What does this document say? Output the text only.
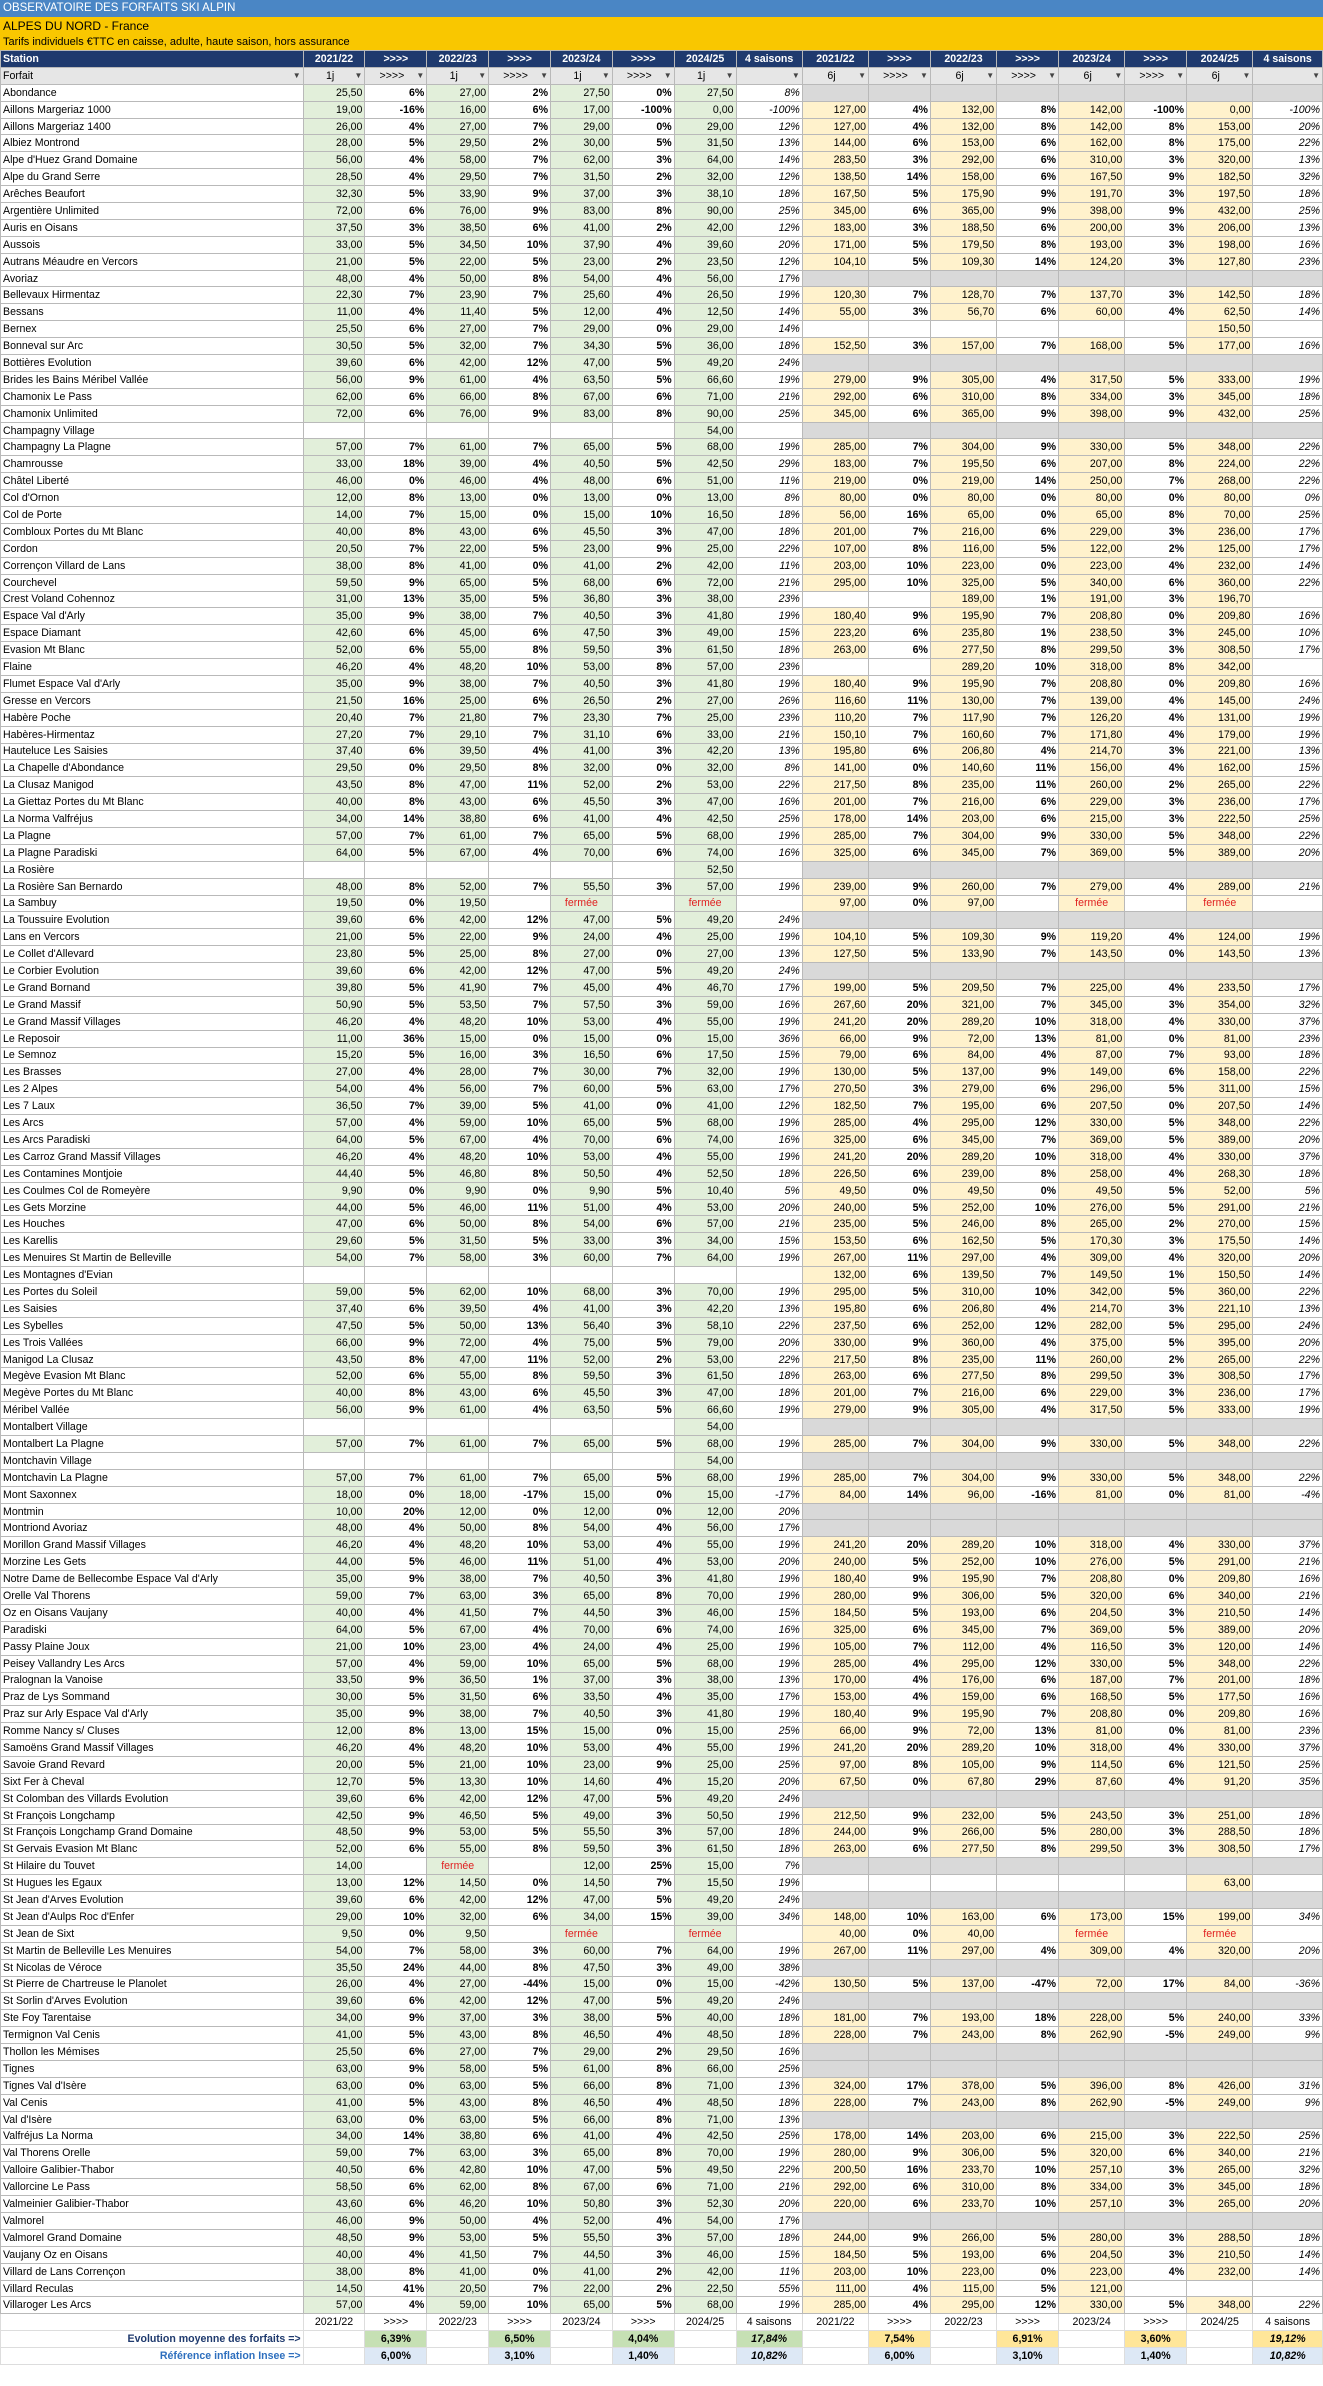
OBSERVATOIRE DES FORFAITS SKI ALPIN
ALPES DU NORD - France
Tarifs individuels €TTC en caisse, adulte, haute saison, hors assurance
Station	2021/22	>>>>	2022/23	>>>>	2023/24	>>>>	2024/25	4 saisons	2021/22	>>>>	2022/23	>>>>	2023/24	>>>>	2024/25	4 saisons
Forfait ▼	1j ▼	>>>> ▼	1j ▼	>>>> ▼	1j ▼	>>>> ▼	1j ▼	▼	6j ▼	>>>> ▼	6j ▼	>>>> ▼	6j ▼	>>>> ▼	6j ▼	▼

Abondance	25,50	6%	27,00	2%	27,50	0%	27,50	8%								
Aillons Margeriaz 1000	19,00	-16%	16,00	6%	17,00	-100%	0,00	-100%	127,00	4%	132,00	8%	142,00	-100%	0,00	-100%
Aillons Margeriaz 1400	26,00	4%	27,00	7%	29,00	0%	29,00	12%	127,00	4%	132,00	8%	142,00	8%	153,00	20%
Albiez Montrond	28,00	5%	29,50	2%	30,00	5%	31,50	13%	144,00	6%	153,00	6%	162,00	8%	175,00	22%
Alpe d'Huez Grand Domaine	56,00	4%	58,00	7%	62,00	3%	64,00	14%	283,50	3%	292,00	6%	310,00	3%	320,00	13%
Alpe du Grand Serre	28,50	4%	29,50	7%	31,50	2%	32,00	12%	138,50	14%	158,00	6%	167,50	9%	182,50	32%
Arêches Beaufort	32,30	5%	33,90	9%	37,00	3%	38,10	18%	167,50	5%	175,90	9%	191,70	3%	197,50	18%
Argentière Unlimited	72,00	6%	76,00	9%	83,00	8%	90,00	25%	345,00	6%	365,00	9%	398,00	9%	432,00	25%
Auris en Oisans	37,50	3%	38,50	6%	41,00	2%	42,00	12%	183,00	3%	188,50	6%	200,00	3%	206,00	13%
Aussois	33,00	5%	34,50	10%	37,90	4%	39,60	20%	171,00	5%	179,50	8%	193,00	3%	198,00	16%
Autrans Méaudre en Vercors	21,00	5%	22,00	5%	23,00	2%	23,50	12%	104,10	5%	109,30	14%	124,20	3%	127,80	23%
Avoriaz	48,00	4%	50,00	8%	54,00	4%	56,00	17%								
Bellevaux Hirmentaz	22,30	7%	23,90	7%	25,60	4%	26,50	19%	120,30	7%	128,70	7%	137,70	3%	142,50	18%
Bessans	11,00	4%	11,40	5%	12,00	4%	12,50	14%	55,00	3%	56,70	6%	60,00	4%	62,50	14%
Bernex	25,50	6%	27,00	7%	29,00	0%	29,00	14%							150,50	
Bonneval sur Arc	30,50	5%	32,00	7%	34,30	5%	36,00	18%	152,50	3%	157,00	7%	168,00	5%	177,00	16%
Bottières Evolution	39,60	6%	42,00	12%	47,00	5%	49,20	24%								
Brides les Bains Méribel Vallée	56,00	9%	61,00	4%	63,50	5%	66,60	19%	279,00	9%	305,00	4%	317,50	5%	333,00	19%
Chamonix Le Pass	62,00	6%	66,00	8%	67,00	6%	71,00	21%	292,00	6%	310,00	8%	334,00	3%	345,00	18%
Chamonix Unlimited	72,00	6%	76,00	9%	83,00	8%	90,00	25%	345,00	6%	365,00	9%	398,00	9%	432,00	25%
Champagny Village							54,00									
Champagny La Plagne	57,00	7%	61,00	7%	65,00	5%	68,00	19%	285,00	7%	304,00	9%	330,00	5%	348,00	22%
Chamrousse	33,00	18%	39,00	4%	40,50	5%	42,50	29%	183,00	7%	195,50	6%	207,00	8%	224,00	22%
Châtel Liberté	46,00	0%	46,00	4%	48,00	6%	51,00	11%	219,00	0%	219,00	14%	250,00	7%	268,00	22%
Col d'Ornon	12,00	8%	13,00	0%	13,00	0%	13,00	8%	80,00	0%	80,00	0%	80,00	0%	80,00	0%
Col de Porte	14,00	7%	15,00	0%	15,00	10%	16,50	18%	56,00	16%	65,00	0%	65,00	8%	70,00	25%
Combloux Portes du Mt Blanc	40,00	8%	43,00	6%	45,50	3%	47,00	18%	201,00	7%	216,00	6%	229,00	3%	236,00	17%
Cordon	20,50	7%	22,00	5%	23,00	9%	25,00	22%	107,00	8%	116,00	5%	122,00	2%	125,00	17%
Corrençon Villard de Lans	38,00	8%	41,00	0%	41,00	2%	42,00	11%	203,00	10%	223,00	0%	223,00	4%	232,00	14%
Courchevel	59,50	9%	65,00	5%	68,00	6%	72,00	21%	295,00	10%	325,00	5%	340,00	6%	360,00	22%
Crest Voland Cohennoz	31,00	13%	35,00	5%	36,80	3%	38,00	23%			189,00	1%	191,00	3%	196,70	
Espace Val d'Arly	35,00	9%	38,00	7%	40,50	3%	41,80	19%	180,40	9%	195,90	7%	208,80	0%	209,80	16%
Espace Diamant	42,60	6%	45,00	6%	47,50	3%	49,00	15%	223,20	6%	235,80	1%	238,50	3%	245,00	10%
Evasion Mt Blanc	52,00	6%	55,00	8%	59,50	3%	61,50	18%	263,00	6%	277,50	8%	299,50	3%	308,50	17%
Flaine	46,20	4%	48,20	10%	53,00	8%	57,00	23%			289,20	10%	318,00	8%	342,00	
Flumet Espace Val d'Arly	35,00	9%	38,00	7%	40,50	3%	41,80	19%	180,40	9%	195,90	7%	208,80	0%	209,80	16%
Gresse en Vercors	21,50	16%	25,00	6%	26,50	2%	27,00	26%	116,60	11%	130,00	7%	139,00	4%	145,00	24%
Habère Poche	20,40	7%	21,80	7%	23,30	7%	25,00	23%	110,20	7%	117,90	7%	126,20	4%	131,00	19%
Habères-Hirmentaz	27,20	7%	29,10	7%	31,10	6%	33,00	21%	150,10	7%	160,60	7%	171,80	4%	179,00	19%
Hauteluce Les Saisies	37,40	6%	39,50	4%	41,00	3%	42,20	13%	195,80	6%	206,80	4%	214,70	3%	221,00	13%
La Chapelle d'Abondance	29,50	0%	29,50	8%	32,00	0%	32,00	8%	141,00	0%	140,60	11%	156,00	4%	162,00	15%
La Clusaz Manigod	43,50	8%	47,00	11%	52,00	2%	53,00	22%	217,50	8%	235,00	11%	260,00	2%	265,00	22%
La Giettaz Portes du Mt Blanc	40,00	8%	43,00	6%	45,50	3%	47,00	16%	201,00	7%	216,00	6%	229,00	3%	236,00	17%
La Norma Valfréjus	34,00	14%	38,80	6%	41,00	4%	42,50	25%	178,00	14%	203,00	6%	215,00	3%	222,50	25%
La Plagne	57,00	7%	61,00	7%	65,00	5%	68,00	19%	285,00	7%	304,00	9%	330,00	5%	348,00	22%
La Plagne Paradiski	64,00	5%	67,00	4%	70,00	6%	74,00	16%	325,00	6%	345,00	7%	369,00	5%	389,00	20%
La Rosière							52,50									
La Rosière San Bernardo	48,00	8%	52,00	7%	55,50	3%	57,00	19%	239,00	9%	260,00	7%	279,00	4%	289,00	21%
La Sambuy	19,50	0%	19,50		fermée		fermée		97,00	0%	97,00		fermée		fermée	
La Toussuire Evolution	39,60	6%	42,00	12%	47,00	5%	49,20	24%								
Lans en Vercors	21,00	5%	22,00	9%	24,00	4%	25,00	19%	104,10	5%	109,30	9%	119,20	4%	124,00	19%
Le Collet d'Allevard	23,80	5%	25,00	8%	27,00	0%	27,00	13%	127,50	5%	133,90	7%	143,50	0%	143,50	13%
Le Corbier Evolution	39,60	6%	42,00	12%	47,00	5%	49,20	24%								
Le Grand Bornand	39,80	5%	41,90	7%	45,00	4%	46,70	17%	199,00	5%	209,50	7%	225,00	4%	233,50	17%
Le Grand Massif	50,90	5%	53,50	7%	57,50	3%	59,00	16%	267,60	20%	321,00	7%	345,00	3%	354,00	32%
Le Grand Massif Villages	46,20	4%	48,20	10%	53,00	4%	55,00	19%	241,20	20%	289,20	10%	318,00	4%	330,00	37%
Le Reposoir	11,00	36%	15,00	0%	15,00	0%	15,00	36%	66,00	9%	72,00	13%	81,00	0%	81,00	23%
Le Semnoz	15,20	5%	16,00	3%	16,50	6%	17,50	15%	79,00	6%	84,00	4%	87,00	7%	93,00	18%
Les Brasses	27,00	4%	28,00	7%	30,00	7%	32,00	19%	130,00	5%	137,00	9%	149,00	6%	158,00	22%
Les 2 Alpes	54,00	4%	56,00	7%	60,00	5%	63,00	17%	270,50	3%	279,00	6%	296,00	5%	311,00	15%
Les 7 Laux	36,50	7%	39,00	5%	41,00	0%	41,00	12%	182,50	7%	195,00	6%	207,50	0%	207,50	14%
Les Arcs	57,00	4%	59,00	10%	65,00	5%	68,00	19%	285,00	4%	295,00	12%	330,00	5%	348,00	22%
Les Arcs Paradiski	64,00	5%	67,00	4%	70,00	6%	74,00	16%	325,00	6%	345,00	7%	369,00	5%	389,00	20%
Les Carroz Grand Massif Villages	46,20	4%	48,20	10%	53,00	4%	55,00	19%	241,20	20%	289,20	10%	318,00	4%	330,00	37%
Les Contamines Montjoie	44,40	5%	46,80	8%	50,50	4%	52,50	18%	226,50	6%	239,00	8%	258,00	4%	268,30	18%
Les Coulmes Col de Romeyère	9,90	0%	9,90	0%	9,90	5%	10,40	5%	49,50	0%	49,50	0%	49,50	5%	52,00	5%
Les Gets Morzine	44,00	5%	46,00	11%	51,00	4%	53,00	20%	240,00	5%	252,00	10%	276,00	5%	291,00	21%
Les Houches	47,00	6%	50,00	8%	54,00	6%	57,00	21%	235,00	5%	246,00	8%	265,00	2%	270,00	15%
Les Karellis	29,60	5%	31,50	5%	33,00	3%	34,00	15%	153,50	6%	162,50	5%	170,30	3%	175,50	14%
Les Menuires St Martin de Belleville	54,00	7%	58,00	3%	60,00	7%	64,00	19%	267,00	11%	297,00	4%	309,00	4%	320,00	20%
Les Montagnes d'Evian									132,00	6%	139,50	7%	149,50	1%	150,50	14%
Les Portes du Soleil	59,00	5%	62,00	10%	68,00	3%	70,00	19%	295,00	5%	310,00	10%	342,00	5%	360,00	22%
Les Saisies	37,40	6%	39,50	4%	41,00	3%	42,20	13%	195,80	6%	206,80	4%	214,70	3%	221,10	13%
Les Sybelles	47,50	5%	50,00	13%	56,40	3%	58,10	22%	237,50	6%	252,00	12%	282,00	5%	295,00	24%
Les Trois Vallées	66,00	9%	72,00	4%	75,00	5%	79,00	20%	330,00	9%	360,00	4%	375,00	5%	395,00	20%
Manigod La Clusaz	43,50	8%	47,00	11%	52,00	2%	53,00	22%	217,50	8%	235,00	11%	260,00	2%	265,00	22%
Megève Evasion Mt Blanc	52,00	6%	55,00	8%	59,50	3%	61,50	18%	263,00	6%	277,50	8%	299,50	3%	308,50	17%
Megève Portes du Mt Blanc	40,00	8%	43,00	6%	45,50	3%	47,00	18%	201,00	7%	216,00	6%	229,00	3%	236,00	17%
Méribel Vallée	56,00	9%	61,00	4%	63,50	5%	66,60	19%	279,00	9%	305,00	4%	317,50	5%	333,00	19%
Montalbert Village							54,00									
Montalbert La Plagne	57,00	7%	61,00	7%	65,00	5%	68,00	19%	285,00	7%	304,00	9%	330,00	5%	348,00	22%
Montchavin Village							54,00									
Montchavin La Plagne	57,00	7%	61,00	7%	65,00	5%	68,00	19%	285,00	7%	304,00	9%	330,00	5%	348,00	22%
Mont Saxonnex	18,00	0%	18,00	-17%	15,00	0%	15,00	-17%	84,00	14%	96,00	-16%	81,00	0%	81,00	-4%
Montmin	10,00	20%	12,00	0%	12,00	0%	12,00	20%								
Montriond Avoriaz	48,00	4%	50,00	8%	54,00	4%	56,00	17%								
Morillon Grand Massif Villages	46,20	4%	48,20	10%	53,00	4%	55,00	19%	241,20	20%	289,20	10%	318,00	4%	330,00	37%
Morzine Les Gets	44,00	5%	46,00	11%	51,00	4%	53,00	20%	240,00	5%	252,00	10%	276,00	5%	291,00	21%
Notre Dame de Bellecombe Espace Val d'Arly	35,00	9%	38,00	7%	40,50	3%	41,80	19%	180,40	9%	195,90	7%	208,80	0%	209,80	16%
Orelle Val Thorens	59,00	7%	63,00	3%	65,00	8%	70,00	19%	280,00	9%	306,00	5%	320,00	6%	340,00	21%
Oz en Oisans Vaujany	40,00	4%	41,50	7%	44,50	3%	46,00	15%	184,50	5%	193,00	6%	204,50	3%	210,50	14%
Paradiski	64,00	5%	67,00	4%	70,00	6%	74,00	16%	325,00	6%	345,00	7%	369,00	5%	389,00	20%
Passy Plaine Joux	21,00	10%	23,00	4%	24,00	4%	25,00	19%	105,00	7%	112,00	4%	116,50	3%	120,00	14%
Peisey Vallandry Les Arcs	57,00	4%	59,00	10%	65,00	5%	68,00	19%	285,00	4%	295,00	12%	330,00	5%	348,00	22%
Pralognan la Vanoise	33,50	9%	36,50	1%	37,00	3%	38,00	13%	170,00	4%	176,00	6%	187,00	7%	201,00	18%
Praz de Lys Sommand	30,00	5%	31,50	6%	33,50	4%	35,00	17%	153,00	4%	159,00	6%	168,50	5%	177,50	16%
Praz sur Arly Espace Val d'Arly	35,00	9%	38,00	7%	40,50	3%	41,80	19%	180,40	9%	195,90	7%	208,80	0%	209,80	16%
Romme Nancy s/ Cluses	12,00	8%	13,00	15%	15,00	0%	15,00	25%	66,00	9%	72,00	13%	81,00	0%	81,00	23%
Samoëns Grand Massif Villages	46,20	4%	48,20	10%	53,00	4%	55,00	19%	241,20	20%	289,20	10%	318,00	4%	330,00	37%
Savoie Grand Revard	20,00	5%	21,00	10%	23,00	9%	25,00	25%	97,00	8%	105,00	9%	114,50	6%	121,50	25%
Sixt Fer à Cheval	12,70	5%	13,30	10%	14,60	4%	15,20	20%	67,50	0%	67,80	29%	87,60	4%	91,20	35%
St Colomban des Villards Evolution	39,60	6%	42,00	12%	47,00	5%	49,20	24%								
St François Longchamp	42,50	9%	46,50	5%	49,00	3%	50,50	19%	212,50	9%	232,00	5%	243,50	3%	251,00	18%
St François Longchamp Grand Domaine	48,50	9%	53,00	5%	55,50	3%	57,00	18%	244,00	9%	266,00	5%	280,00	3%	288,50	18%
St Gervais Evasion Mt Blanc	52,00	6%	55,00	8%	59,50	3%	61,50	18%	263,00	6%	277,50	8%	299,50	3%	308,50	17%
St Hilaire du Touvet	14,00		fermée		12,00	25%	15,00	7%								
St Hugues les Egaux	13,00	12%	14,50	0%	14,50	7%	15,50	19%							63,00	
St Jean d'Arves Evolution	39,60	6%	42,00	12%	47,00	5%	49,20	24%								
St Jean d'Aulps Roc d'Enfer	29,00	10%	32,00	6%	34,00	15%	39,00	34%	148,00	10%	163,00	6%	173,00	15%	199,00	34%
St Jean de Sixt	9,50	0%	9,50		fermée		fermée		40,00	0%	40,00		fermée		fermée	
St Martin de Belleville Les Menuires	54,00	7%	58,00	3%	60,00	7%	64,00	19%	267,00	11%	297,00	4%	309,00	4%	320,00	20%
St Nicolas de Véroce	35,50	24%	44,00	8%	47,50	3%	49,00	38%								
St Pierre de Chartreuse le Planolet	26,00	4%	27,00	-44%	15,00	0%	15,00	-42%	130,50	5%	137,00	-47%	72,00	17%	84,00	-36%
St Sorlin d'Arves Evolution	39,60	6%	42,00	12%	47,00	5%	49,20	24%								
Ste Foy Tarentaise	34,00	9%	37,00	3%	38,00	5%	40,00	18%	181,00	7%	193,00	18%	228,00	5%	240,00	33%
Termignon Val Cenis	41,00	5%	43,00	8%	46,50	4%	48,50	18%	228,00	7%	243,00	8%	262,90	-5%	249,00	9%
Thollon les Mémises	25,50	6%	27,00	7%	29,00	2%	29,50	16%								
Tignes	63,00	9%	58,00	5%	61,00	8%	66,00	25%								
Tignes Val d'Isère	63,00	0%	63,00	5%	66,00	8%	71,00	13%	324,00	17%	378,00	5%	396,00	8%	426,00	31%
Val Cenis	41,00	5%	43,00	8%	46,50	4%	48,50	18%	228,00	7%	243,00	8%	262,90	-5%	249,00	9%
Val d'Isère	63,00	0%	63,00	5%	66,00	8%	71,00	13%								
Valfréjus La Norma	34,00	14%	38,80	6%	41,00	4%	42,50	25%	178,00	14%	203,00	6%	215,00	3%	222,50	25%
Val Thorens Orelle	59,00	7%	63,00	3%	65,00	8%	70,00	19%	280,00	9%	306,00	5%	320,00	6%	340,00	21%
Valloire Galibier-Thabor	40,50	6%	42,80	10%	47,00	5%	49,50	22%	200,50	16%	233,70	10%	257,10	3%	265,00	32%
Vallorcine Le Pass	58,50	6%	62,00	8%	67,00	6%	71,00	21%	292,00	6%	310,00	8%	334,00	3%	345,00	18%
Valmeinier Galibier-Thabor	43,60	6%	46,20	10%	50,80	3%	52,30	20%	220,00	6%	233,70	10%	257,10	3%	265,00	20%
Valmorel	46,00	9%	50,00	4%	52,00	4%	54,00	17%								
Valmorel Grand Domaine	48,50	9%	53,00	5%	55,50	3%	57,00	18%	244,00	9%	266,00	5%	280,00	3%	288,50	18%
Vaujany Oz en Oisans	40,00	4%	41,50	7%	44,50	3%	46,00	15%	184,50	5%	193,00	6%	204,50	3%	210,50	14%
Villard de Lans Corrençon	38,00	8%	41,00	0%	41,00	2%	42,00	11%	203,00	10%	223,00	0%	223,00	4%	232,00	14%
Villard Reculas	14,50	41%	20,50	7%	22,00	2%	22,50	55%	111,00	4%	115,00	5%	121,00			
Villaroger Les Arcs	57,00	4%	59,00	10%	65,00	5%	68,00	19%	285,00	4%	295,00	12%	330,00	5%	348,00	22%
	2021/22	>>>>	2022/23	>>>>	2023/24	>>>>	2024/25	4 saisons	2021/22	>>>>	2022/23	>>>>	2023/24	>>>>	2024/25	4 saisons
Evolution moyenne des forfaits =>		6,39%		6,50%		4,04%		17,84%		7,54%		6,91%		3,60%		19,12%
Référence inflation Insee =>		6,00%		3,10%		1,40%		10,82%		6,00%		3,10%		1,40%		10,82%
